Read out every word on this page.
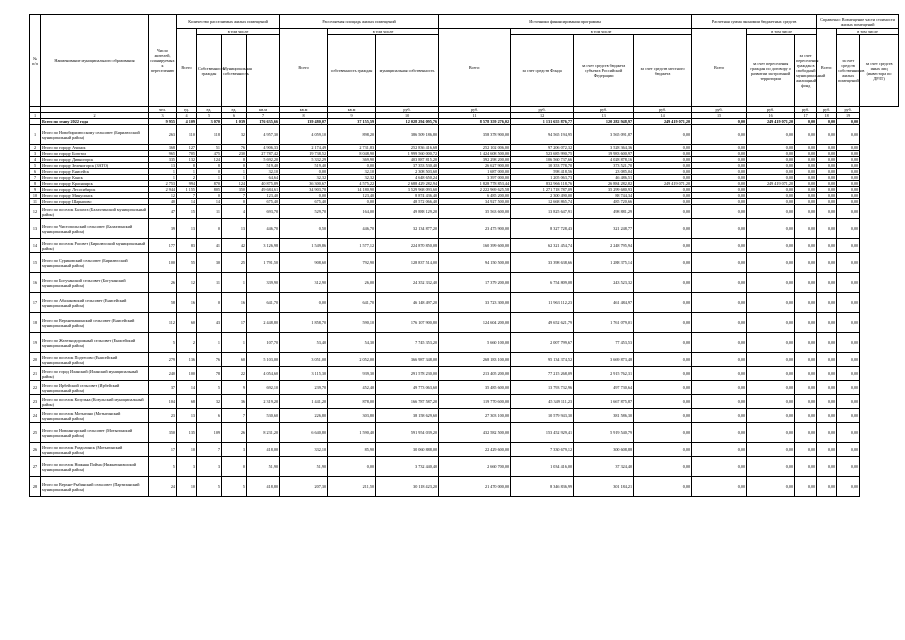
№ п/п	Наименование муниципального образования	Число жителей, планируемых к переселению	Количество расселяемых жилых помещений				Расселяемая площадь жилых помещений			Источники финансирования программы				Расчетная сумма экономии бюджетных средств			Справочно: Возмещение части стоимости жилых помещений		
			Всего	в том числе			Всего	в том числе		Всего:	в том числе			Всего	в том числе		Всего:	в том числе	
				Собственность граждан	Муниципальная собственность			собственность граждан	муниципальная собственность		за счет средств Фонда	за счет средств бюджета субъекта Российской Федерации	за счет средств местного бюджета		за счет переселения граждан по договору о развитии застроенной территории	за счет переселения граждан в свободный муниципальный жилищный фонд		за счет средств собственников жилых помещений	за счет средств иных лиц (инвестора по ДРЗТ)
		чел.	ед.	ед.	ед.	кв.м	кв.м	кв.м	руб.	руб.	руб.	руб.	руб.	руб.	руб.	руб.	руб.	руб.	
1	2	3	4	5	6	7	8	9	10	11	12	13	14	15	16	17	18	19	
	Всего по этапу 2022 года	9 955	4 109	3 070	1 039	176 635,66	139 480,07	37 155,59	12 028 294 095,76	8 578 359 276,02	1 131 655 876,77	120 282 948,97	249 419 071,20	0,00	249 419 071,20	0,00	0,00	0,00	
1	Итого по Новобирилюсскому сельсовет (Бирилюсский муниципальный район)	263	110	118	32	4 957,30	4 059,10	898,20	386 509 186,80	358 378 900,00	94 565 194,95	3 565 091,87	0,00	0,00	0,00	0,00	0,00	0,00	
2	Итого по городу Ачинск	368	127	51	76	4 906,33	2 174,49	2 731,83	252 836 416,68	252 102 006,00	97 206 072,32	3 528 364,36	0,00	0,00	0,00	0,00	0,00	0,00	
3	Итого по городу Боготол	965	705	475	230	27 787,42	19 738,52	8 048,90	1 999 560 000,72	1 424 608 500,00	523 685 990,75	19 983 600,97	0,00	0,00	0,00	0,00	0,00	0,00	
4	Итого по городу Дивногорск	335	132	124	8	5 692,20	5 332,29	369,90	403 887 815,20	392 298 200,00	106 560 737,66	4 028 878,16	0,00	0,00	0,00	0,00	0,00	0,00	
5	Итого по городу Зеленогорск (ЗАТО)	13	8	8	0	519,40	519,40	0,00	37 353 530,40	26 627 900,00	10 353 778,70	373 521,70	0,00	0,00	0,00	0,00	0,00	0,00	
6	Итого по городу Енисейск	1	1	0	1	32,10	0,00	32,10	2 308 503,60	1 687 000,00	598 418,56	23 085,04	0,00	0,00	0,00	0,00	0,00	0,00	
7	Итого по городу Канск	1	2	1	1	64,64	32,32	32,32	4 648 650,24	3 397 000,00	1 205 063,73	46 486,51	0,00	0,00	0,00	0,00	0,00	0,00	
8	Итого по городу Красноярск	2 753	994	870	124	40 875,89	36 300,67	4 575,22	2 688 429 282,94	1 828 778 853,44	832 966 118,76	26 884 282,82	249 419 071,20	0,00	249 419 071,20	0,00	0,00	0,00	
9	Итого по городу Лесосибирск	2 944	1 155	805	350	49 684,61	34 903,70	14 180,90	3 529 968 093,60	2 222 969 625,58	1 271 718 787,09	35 299 680,93	0,00	0,00	0,00	0,00	0,00	0,00	
10	Итого по городу Минусинск	12	7	0	7	123,40	0,00	123,40	8 874 436,40	6 485 200,00	2 300 490,00	88 744,34	0,00	0,00	0,00	0,00	0,00	0,00	
11	Итого по городу Шарыпово	40	14	14	0	675,40	675,40	0,00	48 572 066,40	34 927 500,00	12 668 865,74	485 720,66	0,00	0,00	0,00	0,00	0,00	0,00	
12	Итого по поселок Балахта (Балахтинский муниципальный район)	47	15	11	4	693,70	529,70	164,00	49 888 129,20	35 563 600,00	13 825 647,91	498 881,29	0,00	0,00	0,00	0,00	0,00	0,00	
13	Итого по Чистопольский сельсовет (Балахтинский муниципальный район)	39	13	0	13	446,70	0,50	446,70	32 134 877,20	23 475 900,00	8 327 728,43	321 248,77	0,00	0,00	0,00	0,00	0,00	0,00	
14	Итого по поселок Рассвет (Бирилюсский муниципальный район)	177	83	41	42	3 126,98	1 549,86	1 577,12	224 870 850,08	160 399 600,00	62 321 454,74	2 248 795,94	0,00	0,00	0,00	0,00	0,00	0,00	
15	Итого по Суриковский сельсовет (Бирилюсский муниципальный район)	100	55	30	25	1 791,50	908,60	792,90	128 837 514,00	94 150 500,00	33 398 638,66	1 288 375,14	0,00	0,00	0,00	0,00	0,00	0,00	
16	Итого по Богучанский сельсовет (Богучанский муниципальный район)	26	12	11	1	339,90	312,90	26,00	24 352 332,40	17 379 200,00	6 754 809,08	243 523,32	0,00	0,00	0,00	0,00	0,00	0,00	
17	Итого по Абалаковский сельсовет (Енисейский муниципальный район)	58	16	0	16	641,70	0,00	641,70	46 148 497,20	33 723 300,00	11 963 112,23	461 484,97	0,00	0,00	0,00	0,00	0,00	0,00	
18	Итого по Верхнепашинский сельсовет (Енисейский муниципальный район)	112	60	43	17	2 448,80	1 858,70	590,10	176 107 900,80	124 604 200,00	49 652 621,79	1 761 079,01	0,00	0,00	0,00	0,00	0,00	0,00	
19	Итого по Железнодорожный сельсовет (Енисейский муниципальный район)	5	2	1	1	107,70	53,40	54,30	7 745 353,20	5 660 100,00	2 007 799,67	77 453,53	0,00	0,00	0,00	0,00	0,00	0,00	
20	Итого по поселок Подтесово (Енисейский муниципальный район)	279	136	76	60	5 103,00	3 051,00	2 052,00	366 987 348,00	268 183 100,00	95 134 374,52	3 669 873,48	0,00	0,00	0,00	0,00	0,00	0,00	
21	Итого по город Иланский (Иланский муниципальный район)	240	100	78	22	4 054,60	3 115,30	939,30	291 578 230,00	213 405 200,00	77 215 268,09	2 915 762,31	0,00	0,00	0,00	0,00	0,00	0,00	
22	Итого по Ирбейский сельсовет (Ирбейский муниципальный район)	37	14	5	9	692,10	239,70	452,40	49 773 063,60	35 485 600,00	13 793 732,96	497 730,64	0,00	0,00	0,00	0,00	0,00	0,00	
23	Итого по поселок Козулька (Козульский муниципальный район)	104	68	32	36	2 319,20	1 441,20	878,00	166 787 587,20	119 770 600,00	45 349 111,23	1 667 875,87	0,00	0,00	0,00	0,00	0,00	0,00	
24	Итого по поселок Мотыгино (Мотыгинский муниципальный район)	23	13	6	7	530,60	226,80	303,80	38 158 629,60	27 303 100,00	10 579 943,30	381 586,30	0,00	0,00	0,00	0,00	0,00	0,00	
25	Итого по Новоангарский сельсовет (Мотыгинский муниципальный район)	350	135	109	26	8 231,20	6 640,80	1 590,40	591 954 039,20	432 582 500,00	153 452 929,41	5 919 540,79	0,00	0,00	0,00	0,00	0,00	0,00	
26	Итого по поселок Раздолинск (Мотыгинский муниципальный район)	17	10	7	3	418,00	332,10	85,90	30 060 888,00	22 429 600,00	7 330 679,12	300 608,88	0,00	0,00	0,00	0,00	0,00	0,00	
27	Итого по поселок Нижняя Пойма (Нижнеингашский муниципальный район)	5	3	3	0	51,90	51,90	0,00	3 732 440,40	2 660 700,00	1 034 416,00	37 324,40	0,00	0,00	0,00	0,00	0,00	0,00	
28	Итого по Верхне-Рыбинский сельсовет (Партизанский муниципальный район)	24	10	5	5	418,80	207,30	211,50	30 118 423,20	21 470 000,00	8 346 836,99	301 184,21	0,00	0,00	0,00	0,00	0,00	0,00	
